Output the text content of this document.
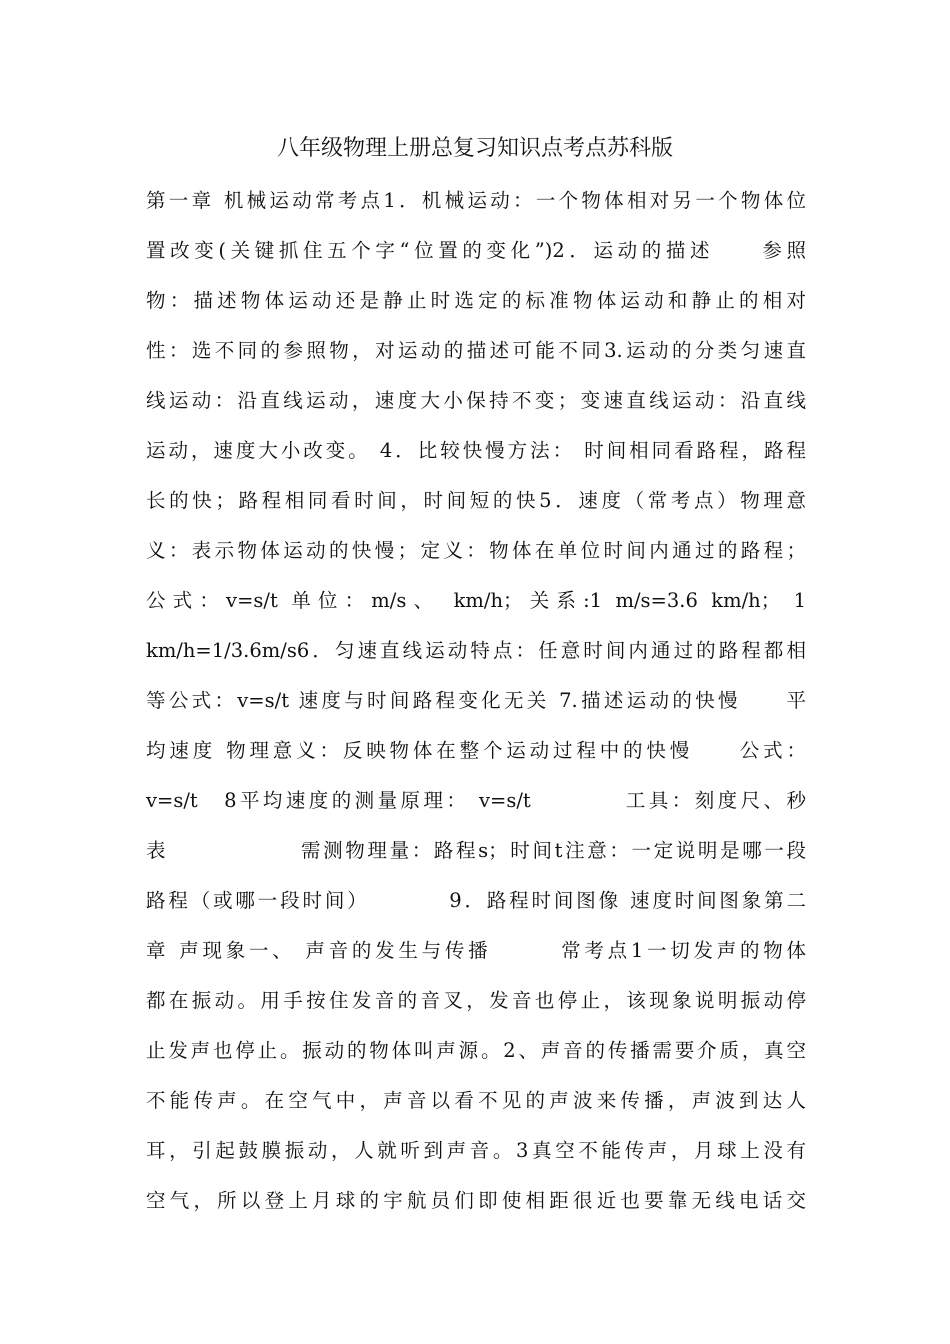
八年级物理上册总复习知识点考点苏科版
第一章 机械运动常考点1．机械运动：一个物体相对另一个物体位
置改变(关键抓住五个字“位置的变化”)2．运动的描述　　参照
物：描述物体运动还是静止时选定的标准物体运动和静止的相对
性：选不同的参照物，对运动的描述可能不同3.运动的分类匀速直
线运动：沿直线运动，速度大小保持不变；变速直线运动：沿直线
运动，速度大小改变。 4．比较快慢方法： 时间相同看路程，路程
长的快；路程相同看时间，时间短的快5．速度（常考点）物理意
义：表示物体运动的快慢；定义：物体在单位时间内通过的路程；
公式：v=s/t 单位：m/s、 km/h；关系:1 m/s=3.6 km/h； 1
km/h=1/3.6m/s6．匀速直线运动特点：任意时间内通过的路程都相
等公式：v=s/t 速度与时间路程变化无关 7.描述运动的快慢　　平
均速度 物理意义：反映物体在整个运动过程中的快慢　　公式：
v=s/t　8平均速度的测量原理： v=s/t　　　　工具：刻度尺、秒
表　　　　　　需测物理量：路程s；时间t注意：一定说明是哪一段
路程（或哪一段时间）　　　　9．路程时间图像 速度时间图象第二
章 声现象一、 声音的发生与传播　　　常考点1一切发声的物体
都在振动。用手按住发音的音叉，发音也停止，该现象说明振动停
止发声也停止。振动的物体叫声源。2、声音的传播需要介质，真空
不能传声。在空气中，声音以看不见的声波来传播，声波到达人
耳，引起鼓膜振动，人就听到声音。3真空不能传声，月球上没有
空气，所以登上月球的宇航员们即使相距很近也要靠无线电话交
